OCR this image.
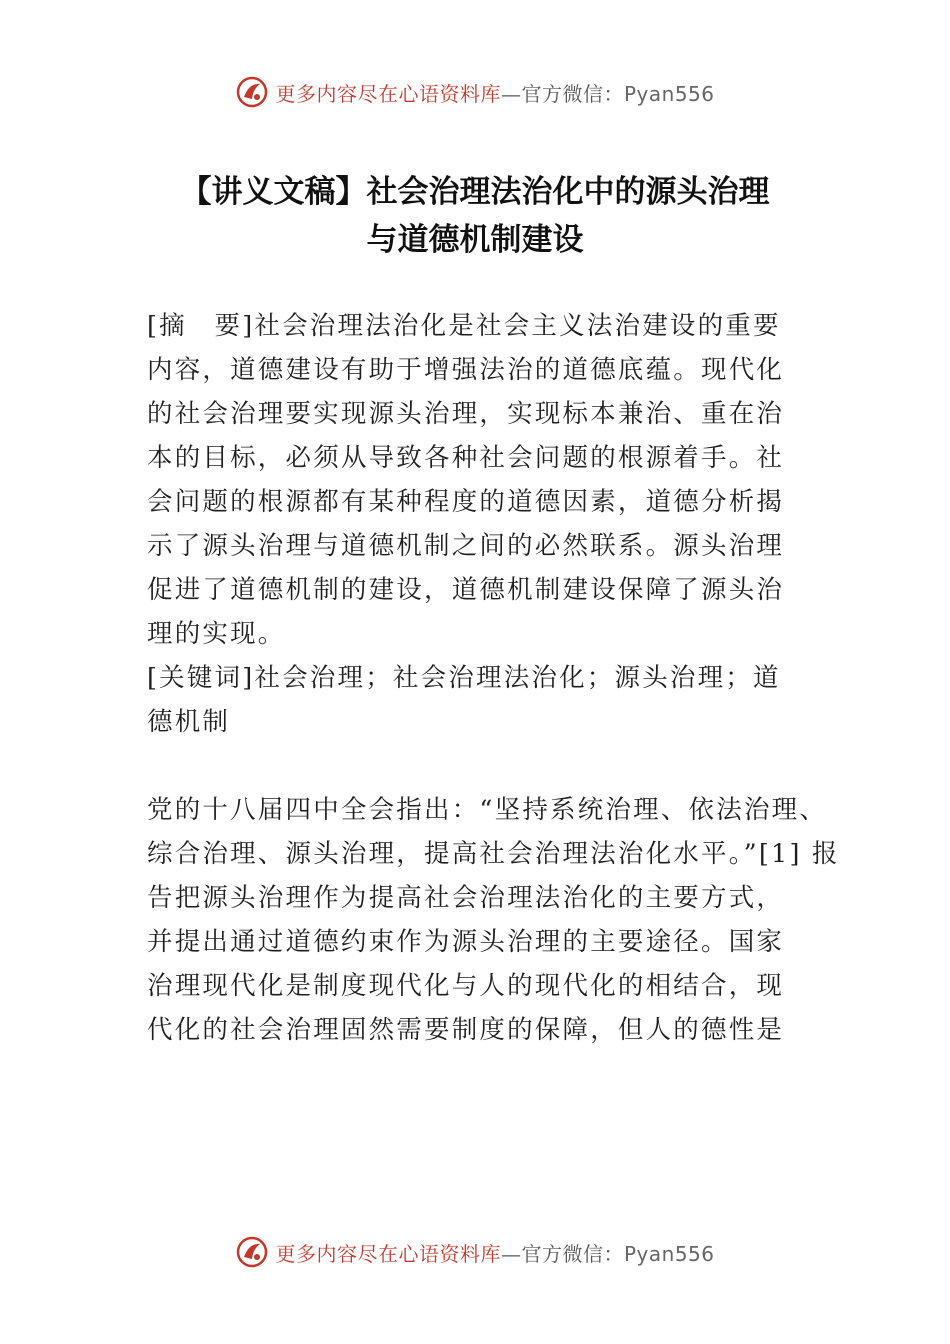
更多内容尽在心语资料库—官方微信：Pyan556
【讲义文稿】社会治理法治化中的源头治理
与道德机制建设

[摘　要]社会治理法治化是社会主义法治建设的重要内容，道德建设有助于增强法治的道德底蕴。现代化的社会治理要实现源头治理，实现标本兼治、重在治本的目标，必须从导致各种社会问题的根源着手。社会问题的根源都有某种程度的道德因素，道德分析揭示了源头治理与道德机制之间的必然联系。源头治理促进了道德机制的建设，道德机制建设保障了源头治理的实现。

[关键词]社会治理；社会治理法治化；源头治理；道德机制

党的十八届四中全会指出：“坚持系统治理、依法治理、

综合治理、源头治理，提高社会治理法治化水平。”[1] 报

告把源头治理作为提高社会治理法治化的主要方式，并提出通过道德约束作为源头治理的主要途径。国家治理现代化是制度现代化与人的现代化的相结合，现代化的社会治理固然需要制度的保障，但人的德性是

更多内容尽在心语资料库—官方微信：Pyan556
